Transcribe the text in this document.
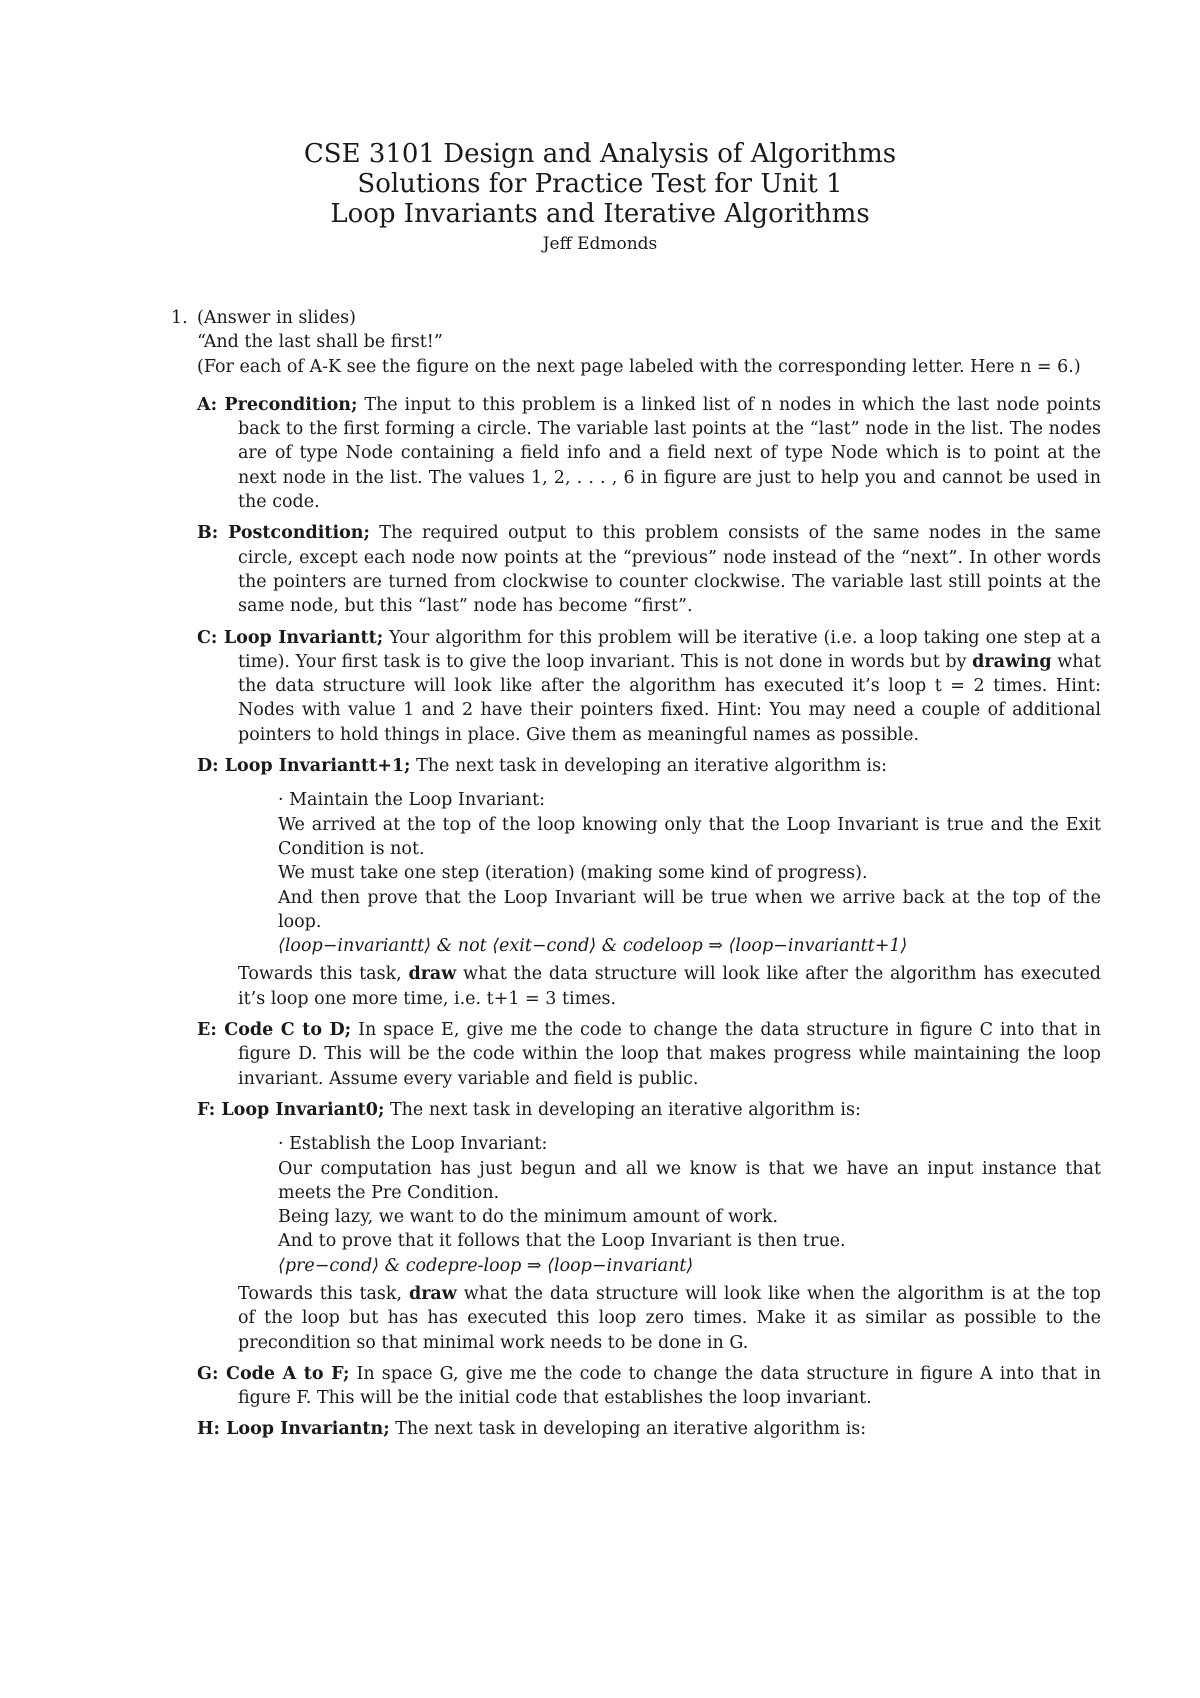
CSE 3101 Design and Analysis of Algorithms
Solutions for Practice Test for Unit 1
Loop Invariants and Iterative Algorithms
Jeff Edmonds
1. (Answer in slides)
“And the last shall be first!”
(For each of A-K see the figure on the next page labeled with the corresponding letter. Here n = 6.)
A: Precondition; The input to this problem is a linked list of n nodes in which the last node points back to the first forming a circle. The variable last points at the “last” node in the list. The nodes are of type Node containing a field info and a field next of type Node which is to point at the next node in the list. The values 1, 2, . . . , 6 in figure are just to help you and cannot be used in the code.
B: Postcondition; The required output to this problem consists of the same nodes in the same circle, except each node now points at the “previous” node instead of the “next”. In other words the pointers are turned from clockwise to counter clockwise. The variable last still points at the same node, but this “last” node has become “first”.
C: Loop Invariantt; Your algorithm for this problem will be iterative (i.e. a loop taking one step at a time). Your first task is to give the loop invariant. This is not done in words but by drawing what the data structure will look like after the algorithm has executed it’s loop t = 2 times. Hint: Nodes with value 1 and 2 have their pointers fixed. Hint: You may need a couple of additional pointers to hold things in place. Give them as meaningful names as possible.
D: Loop Invariantt+1; The next task in developing an iterative algorithm is:
· Maintain the Loop Invariant:
We arrived at the top of the loop knowing only that the Loop Invariant is true and the Exit Condition is not.
We must take one step (iteration) (making some kind of progress).
And then prove that the Loop Invariant will be true when we arrive back at the top of the loop.
⟨loop−invariantt⟩ & not ⟨exit−cond⟩ & codeloop ⇒ ⟨loop−invariantt+1⟩
Towards this task, draw what the data structure will look like after the algorithm has executed it’s loop one more time, i.e. t+1 = 3 times.
E: Code C to D; In space E, give me the code to change the data structure in figure C into that in figure D. This will be the code within the loop that makes progress while maintaining the loop invariant. Assume every variable and field is public.
F: Loop Invariant0; The next task in developing an iterative algorithm is:
· Establish the Loop Invariant:
Our computation has just begun and all we know is that we have an input instance that meets the Pre Condition.
Being lazy, we want to do the minimum amount of work.
And to prove that it follows that the Loop Invariant is then true.
⟨pre−cond⟩ & codepre-loop ⇒ ⟨loop−invariant⟩
Towards this task, draw what the data structure will look like when the algorithm is at the top of the loop but has has executed this loop zero times. Make it as similar as possible to the precondition so that minimal work needs to be done in G.
G: Code A to F; In space G, give me the code to change the data structure in figure A into that in figure F. This will be the initial code that establishes the loop invariant.
H: Loop Invariantn; The next task in developing an iterative algorithm is:
